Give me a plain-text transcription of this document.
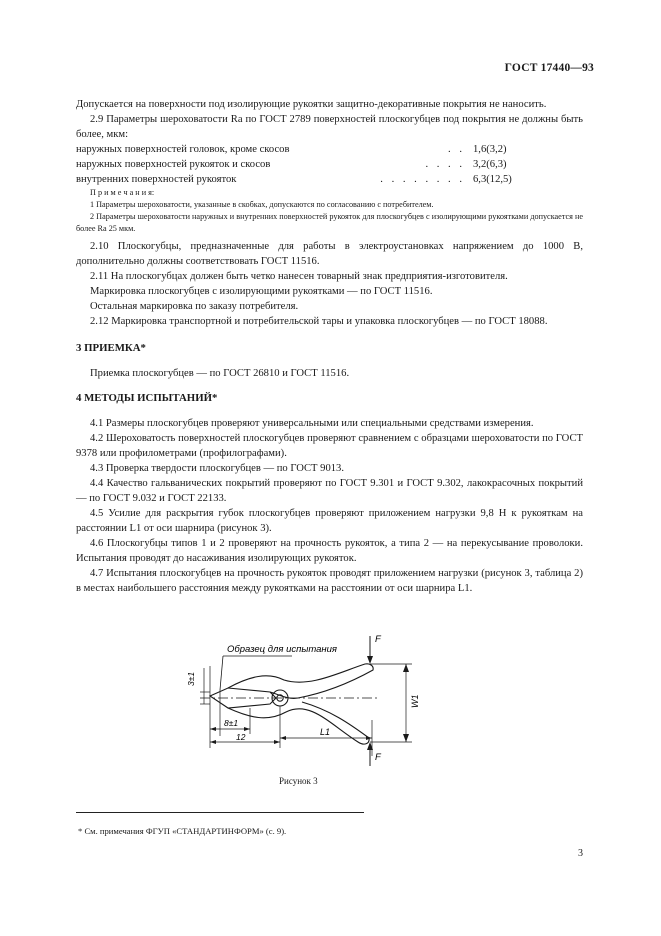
ГОСТ 17440—93

Допускается на поверхности под изолирующие рукоятки защитно-декоративные покрытия не наносить.

2.9 Параметры шероховатости Ra по ГОСТ 2789 поверхностей плоскогубцев под покрытия не должны быть более, мкм:

наружных поверхностей головок, кроме скосов	. . 1,6(3,2)
наружных поверхностей рукояток и скосов	. . . . 3,2(6,3)
внутренних поверхностей рукояток	. . . . . . . . 6,3(12,5)

П р и м е ч а н и я:

1 Параметры шероховатости, указанные в скобках, допускаются по согласованию с потребителем.

2 Параметры шероховатости наружных и внутренних поверхностей рукояток для плоскогубцев с изолирующими рукоятками допускается не более Ra 25 мкм.

2.10 Плоскогубцы, предназначенные для работы в электроустановках напряжением до 1000 В, дополнительно должны соответствовать ГОСТ 11516.

2.11 На плоскогубцах должен быть четко нанесен товарный знак предприятия-изготовителя.

Маркировка плоскогубцев с изолирующими рукоятками — по ГОСТ 11516.

Остальная маркировка по заказу потребителя.

2.12 Маркировка транспортной и потребительской тары и упаковка плоскогубцев — по ГОСТ 18088.

3 ПРИЕМКА*

Приемка плоскогубцев — по ГОСТ 26810 и ГОСТ 11516.

4 МЕТОДЫ ИСПЫТАНИЙ*

4.1 Размеры плоскогубцев проверяют универсальными или специальными средствами измерения.

4.2 Шероховатость поверхностей плоскогубцев проверяют сравнением с образцами шероховатости по ГОСТ 9378 или профилометрами (профилографами).

4.3 Проверка твердости плоскогубцев — по ГОСТ 9013.

4.4 Качество гальванических покрытий проверяют по ГОСТ 9.301 и ГОСТ 9.302, лакокрасочных покрытий — по ГОСТ 9.032 и ГОСТ 22133.

4.5 Усилие для раскрытия губок плоскогубцев проверяют приложением нагрузки 9,8 Н к рукояткам на расстоянии L1 от оси шарнира (рисунок 3).

4.6 Плоскогубцы типов 1 и 2 проверяют на прочность рукояток, а типа 2 — на перекусывание проволоки. Испытания проводят до насаживания изолирующих рукояток.

4.7 Испытания плоскогубцев на прочность рукояток проводят приложением нагрузки (рисунок 3, таблица 2) в местах наибольшего расстояния между рукоятками на расстоянии от оси шарнира L1.

Образец для испытания
F
F
3±1
8±1
12	L1
W1
Рисунок 3
* См. примечания ФГУП «СТАНДАРТИНФОРМ» (с. 9).
3
